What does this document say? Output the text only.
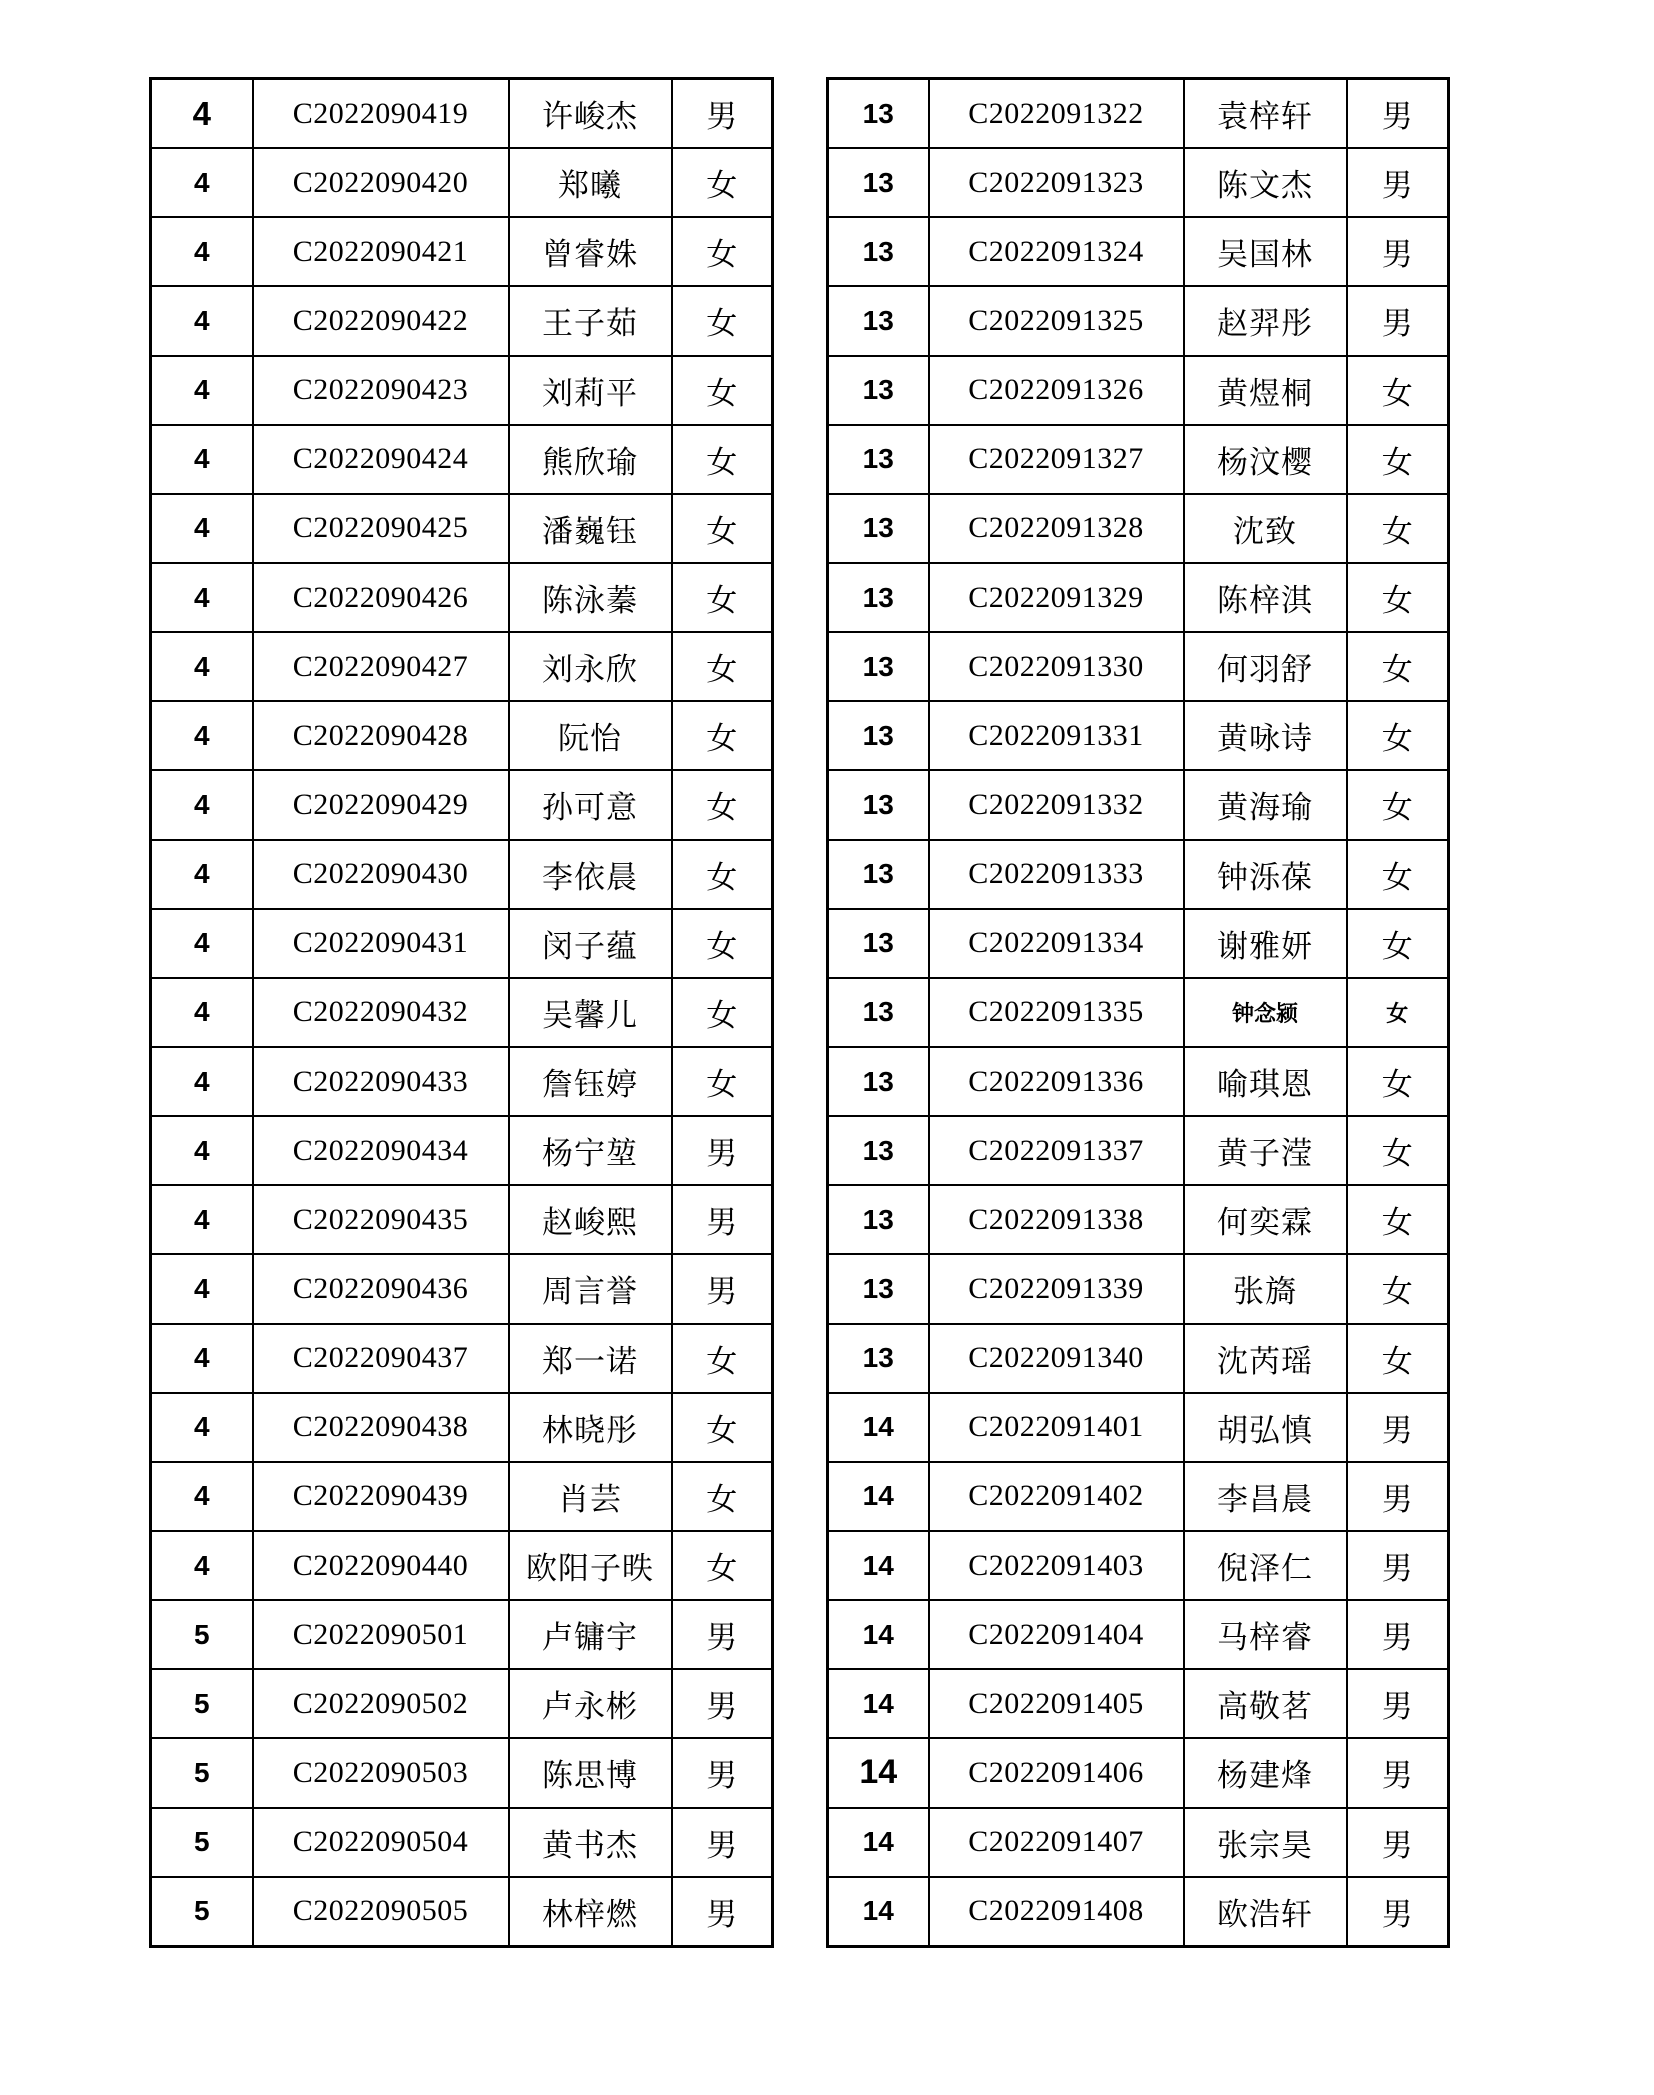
4	C2022090419	许峻杰	男
4	C2022090420	郑曦	女
4	C2022090421	曾睿姝	女
4	C2022090422	王子茹	女
4	C2022090423	刘莉平	女
4	C2022090424	熊欣瑜	女
4	C2022090425	潘巍钰	女
4	C2022090426	陈泳蓁	女
4	C2022090427	刘永欣	女
4	C2022090428	阮怡	女
4	C2022090429	孙可意	女
4	C2022090430	李依晨	女
4	C2022090431	闵子蕴	女
4	C2022090432	吴馨儿	女
4	C2022090433	詹钰婷	女
4	C2022090434	杨宁堃	男
4	C2022090435	赵峻熙	男
4	C2022090436	周言誉	男
4	C2022090437	郑一诺	女
4	C2022090438	林晓彤	女
4	C2022090439	肖芸	女
4	C2022090440	欧阳子昳	女
5	C2022090501	卢镛宇	男
5	C2022090502	卢永彬	男
5	C2022090503	陈思博	男
5	C2022090504	黄书杰	男
5	C2022090505	林梓燃	男
13	C2022091322	袁梓轩	男
13	C2022091323	陈文杰	男
13	C2022091324	吴国林	男
13	C2022091325	赵羿彤	男
13	C2022091326	黄煜桐	女
13	C2022091327	杨汶樱	女
13	C2022091328	沈致	女
13	C2022091329	陈梓淇	女
13	C2022091330	何羽舒	女
13	C2022091331	黄咏诗	女
13	C2022091332	黄海瑜	女
13	C2022091333	钟泺葆	女
13	C2022091334	谢雅妍	女
13	C2022091335	钟念颍	女
13	C2022091336	喻琪恩	女
13	C2022091337	黄子滢	女
13	C2022091338	何奕霖	女
13	C2022091339	张旖	女
13	C2022091340	沈芮瑶	女
14	C2022091401	胡弘慎	男
14	C2022091402	李昌晨	男
14	C2022091403	倪泽仁	男
14	C2022091404	马梓睿	男
14	C2022091405	高敬茗	男
14	C2022091406	杨建烽	男
14	C2022091407	张宗昊	男
14	C2022091408	欧浩轩	男
